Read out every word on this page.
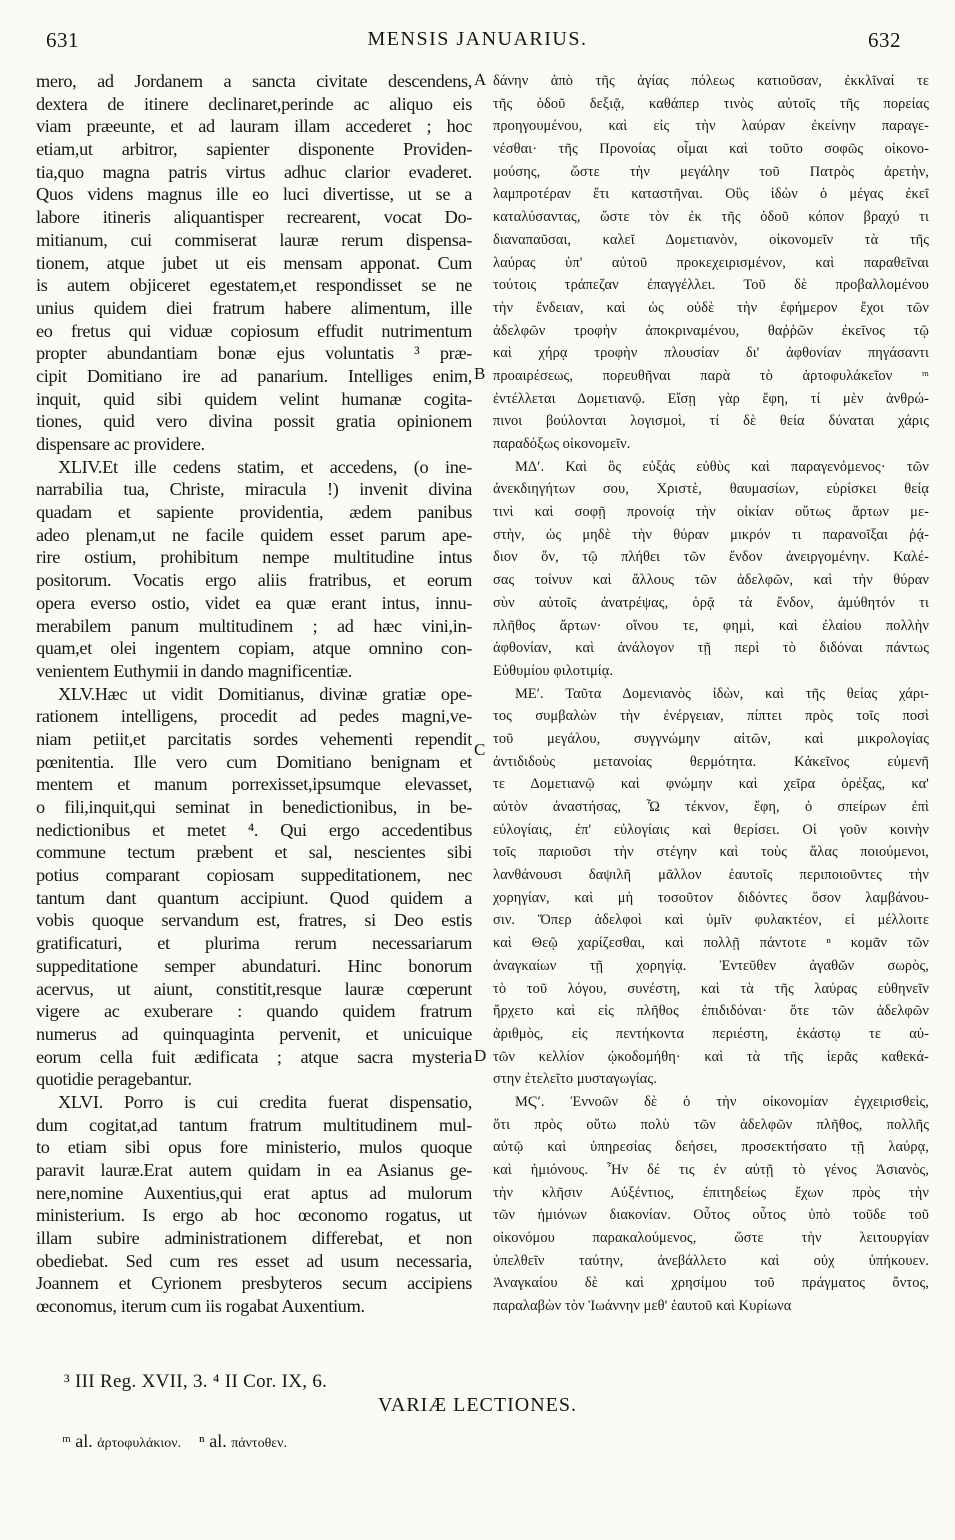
631	MENSIS JANUARIUS.	632
mero, ad Jordanem a sancta civitate descendens,
dextera de itinere declinaret,perinde ac aliquo eis
viam præeunte, et ad lauram illam accederet ; hoc
etiam,ut arbitror, sapienter disponente Providen-
tia,quo magna patris virtus adhuc clarior evaderet.
Quos videns magnus ille eo luci divertisse, ut se a
labore itineris aliquantisper recrearent, vocat Do-
mitianum, cui commiserat lauræ rerum dispensa-
tionem, atque jubet ut eis mensam apponat. Cum
is autem objiceret egestatem,et respondisset se ne
unius quidem diei fratrum habere alimentum, ille
eo fretus qui viduæ copiosum effudit nutrimentum
propter abundantiam bonæ ejus voluntatis ³ præ-
cipit Domitiano ire ad panarium. Intelliges enim,
inquit, quid sibi quidem velint humanæ cogita-
tiones, quid vero divina possit gratia opinionem
dispensare ac providere.
XLIV.Et ille cedens statim, et accedens, (o ine-
narrabilia tua, Christe, miracula !) invenit divina
quadam et sapiente providentia, ædem panibus
adeo plenam,ut ne facile quidem esset parum ape-
rire ostium, prohibitum nempe multitudine intus
positorum. Vocatis ergo aliis fratribus, et eorum
opera everso ostio, videt ea quæ erant intus, innu-
merabilem panum multitudinem ; ad hæc vini,in-
quam,et olei ingentem copiam, atque omnino con-
venientem Euthymii in dando magnificentiæ.
XLV.Hæc ut vidit Domitianus, divinæ gratiæ ope-
rationem intelligens, procedit ad pedes magni,ve-
niam petiit,et parcitatis sordes vehementi rependit
pœnitentia. Ille vero cum Domitiano benignam et
mentem et manum porrexisset,ipsumque elevasset,
o fili,inquit,qui seminat in benedictionibus, in be-
nedictionibus et metet ⁴. Qui ergo accedentibus
commune tectum præbent et sal, nescientes sibi
potius comparant copiosam suppeditationem, nec
tantum dant quantum accipiunt. Quod quidem a
vobis quoque servandum est, fratres, si Deo estis
gratificaturi, et plurima rerum necessariarum
suppeditatione semper abundaturi. Hinc bonorum
acervus, ut aiunt, constitit,resque lauræ cœperunt
vigere ac exuberare : quando quidem fratrum
numerus ad quinquaginta pervenit, et unicuique
eorum cella fuit ædificata ; atque sacra mysteria
quotidie peragebantur.
XLVI. Porro is cui credita fuerat dispensatio,
dum cogitat,ad tantum fratrum multitudinem mul-
to etiam sibi opus fore ministerio, mulos quoque
paravit lauræ.Erat autem quidam in ea Asianus ge-
nere,nomine Auxentius,qui erat aptus ad mulorum
ministerium. Is ergo ab hoc œconomo rogatus, ut
illam subire administrationem differebat, et non
obediebat. Sed cum res esset ad usum necessaria,
Joannem et Cyrionem presbyteros secum accipiens
œconomus, iterum cum iis rogabat Auxentium.
A
B
C
D
δάνην ἀπὸ τῆς ἁγίας πόλεως κατιοῦσαν, ἐκκλῖναί τε
τῆς ὁδοῦ δεξιᾷ, καθάπερ τινὸς αὐτοῖς τῆς πορείας
προηγουμένου, καὶ εἰς τὴν λαύραν ἐκείνην παραγε-
νέσθαι· τῆς Προνοίας οἶμαι καὶ τοῦτο σοφῶς οἰκονο-
μούσης, ὥστε τὴν μεγάλην τοῦ Πατρὸς ἀρετὴν,
λαμπροτέραν ἔτι καταστῆναι. Οὓς ἰδὼν ὁ μέγας ἐκεῖ
καταλύσαντας, ὥστε τὸν ἐκ τῆς ὁδοῦ κόπον βραχύ τι
διαναπαῦσαι, καλεῖ Δομετιανὸν, οἰκονομεῖν τὰ τῆς
λαύρας ὑπ' αὐτοῦ προκεχειρισμένον, καὶ παραθεῖναι
τούτοις τράπεζαν ἐπαγγέλλει. Τοῦ δὲ προβαλλομένου
τὴν ἔνδειαν, καὶ ὡς οὐδὲ τὴν ἐφήμερον ἔχοι τῶν
ἀδελφῶν τροφὴν ἀποκριναμένου, θαῤῥῶν ἐκεῖνος τῷ
καὶ χήρᾳ τροφὴν πλουσίαν δι' ἀφθονίαν πηγάσαντι
προαιρέσεως, πορευθῆναι παρὰ τὸ ἀρτοφυλάκεῖον ᵐ
ἐντέλλεται Δομετιανῷ. Εἴσῃ γὰρ ἔφη, τί μὲν ἀνθρώ-
πινοι βούλονται λογισμοὶ, τί δὲ θεία δύναται χάρις
παραδόξως οἰκονομεῖν.
ΜΔʹ. Καὶ ὃς εὐξάς εὐθὺς καὶ παραγενόμενος· τῶν
ἀνεκδιηγήτων σου, Χριστὲ, θαυμασίων, εὑρίσκει θείᾳ
τινὶ καὶ σοφῇ προνοίᾳ τὴν οἰκίαν οὕτως ἄρτων με-
στὴν, ὡς μηδὲ τὴν θύραν μικρόν τι παρανοῖξαι ῥᾴ-
διον ὄν, τῷ πλήθει τῶν ἔνδον ἀνειργομένην. Καλέ-
σας τοίνυν καὶ ἄλλους τῶν ἀδελφῶν, καὶ τὴν θύραν
σὺν αὐτοῖς ἀνατρέψας, ὁρᾷ τὰ ἔνδον, ἀμύθητόν τι
πλῆθος ἄρτων· οἴνου τε, φημὶ, καὶ ἐλαίου πολλὴν
ἀφθονίαν, καὶ ἀνάλογον τῇ περὶ τὸ διδόναι πάντως
Εὐθυμίου φιλοτιμίᾳ.
ΜΕʹ. Ταῦτα Δομενιανὸς ἰδὼν, καὶ τῆς θείας χάρι-
τος συμβαλὼν τὴν ἐνέργειαν, πίπτει πρὸς τοῖς ποσὶ
τοῦ μεγάλου, συγγνώμην αἰτῶν, καὶ μικρολογίας
ἀντιδιδοὺς μετανοίας θερμότητα. Κἀκεῖνος εὐμενῆ
τε Δομετιανῷ καὶ φνώμην καὶ χεῖρα ὀρέξας, κα'
αὐτὸν ἀναστήσας, Ὦ τέκνον, ἔφη, ὁ σπείρων ἐπὶ
εὐλογίαις, ἐπ' εὐλογίαις καὶ θερίσει. Οἱ γοῦν κοινὴν
τοῖς παριοῦσι τὴν στέγην καὶ τοὺς ἅλας ποιούμενοι,
λανθάνουσι δαψιλῆ μᾶλλον ἑαυτοῖς περιποιοῦντες τὴν
χορηγίαν, καὶ μὴ τοσοῦτον διδόντες ὅσον λαμβάνου-
σιν. Ὅπερ ἀδελφοὶ καὶ ὑμῖν φυλακτέον, εἰ μέλλοιτε
καὶ Θεῷ χαρίζεσθαι, καὶ πολλῇ πάντοτε ⁿ κομᾶν τῶν
ἀναγκαίων τῇ χορηγίᾳ. Ἐντεῦθεν ἀγαθῶν σωρὸς,
τὸ τοῦ λόγου, συνέστη, καὶ τὰ τῆς λαύρας εὐθηνεῖν
ἤρχετο καὶ εἰς πλῆθος ἐπιδιδόναι· ὅτε τῶν ἀδελφῶν
ἀριθμὸς, εἰς πεντήκοντα περιέστη, ἑκάστῳ τε αὐ-
τῶν κελλίον ᾠκοδομήθη· καὶ τὰ τῆς ἱερᾶς καθεκά-
στην ἐτελεῖτο μυσταγωγίας.
ΜϚʹ. Ἐννοῶν δὲ ὁ τὴν οἰκονομίαν ἐγχειρισθεὶς,
ὅτι πρὸς οὕτω πολὺ τῶν ἀδελφῶν πλῆθος, πολλῆς
αὐτῷ καὶ ὑπηρεσίας δεήσει, προσεκτήσατο τῇ λαύρᾳ,
καὶ ἡμιόνους. Ἦν δέ τις ἐν αὐτῇ τὸ γένος Ἀσιανὸς,
τὴν κλῆσιν Αὐξέντιος, ἐπιτηδείως ἔχων πρὸς τὴν
τῶν ἡμιόνων διακονίαν. Οὗτος οὗτος ὑπὸ τοῦδε τοῦ
οἰκονόμου παρακαλούμενος, ὥστε τὴν λειτουργίαν
ὑπελθεῖν ταύτην, ἀνεβάλλετο καὶ οὐχ ὑπήκουεν.
Ἀναγκαίου δὲ καὶ χρησίμου τοῦ πράγματος ὄντος,
παραλαβὼν τὸν Ἰωάννην μεθ' ἑαυτοῦ καὶ Κυρίωνα
³ III Reg. XVII, 3. ⁴ II Cor. IX, 6.
VARIÆ LECTIONES.
ᵐ al. ἀρτοφυλάκιον. ⁿ al. πάντοθεν.
